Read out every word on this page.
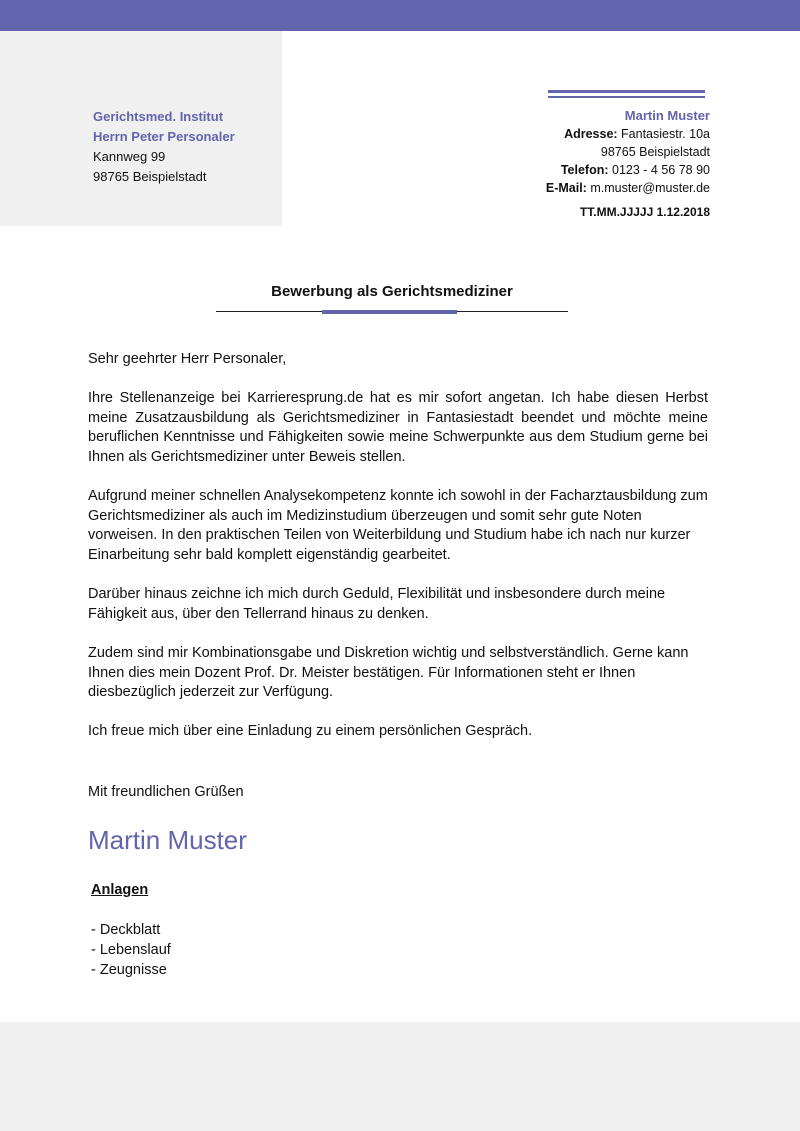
Gerichtsmed. Institut
Herrn Peter Personaler
Kannweg 99
98765 Beispielstadt
Martin Muster
Adresse: Fantasiestr. 10a
98765 Beispielstadt
Telefon: 0123 - 4 56 78 90
E-Mail: m.muster@muster.de
TT.MM.JJJJJ 1.12.2018
Bewerbung als Gerichtsmediziner

Sehr geehrter Herr Personaler,

Ihre Stellenanzeige bei Karrieresprung.de hat es mir sofort angetan. Ich habe diesen Herbst meine Zusatzausbildung als Gerichtsmediziner in Fantasiestadt beendet und möchte meine beruflichen Kenntnisse und Fähigkeiten sowie meine Schwerpunkte aus dem Studium gerne bei Ihnen als Gerichtsmediziner unter Beweis stellen.

Aufgrund meiner schnellen Analysekompetenz konnte ich sowohl in der Facharztausbildung zum Gerichtsmediziner als auch im Medizinstudium überzeugen und somit sehr gute Noten vorweisen. In den praktischen Teilen von Weiterbildung und Studium habe ich nach nur kurzer Einarbeitung sehr bald komplett eigenständig gearbeitet.

Darüber hinaus zeichne ich mich durch Geduld, Flexibilität und insbesondere durch meine Fähigkeit aus, über den Tellerrand hinaus zu denken.

Zudem sind mir Kombinationsgabe und Diskretion wichtig und selbstverständlich. Gerne kann Ihnen dies mein Dozent Prof. Dr. Meister bestätigen. Für Informationen steht er Ihnen diesbezüglich jederzeit zur Verfügung.

Ich freue mich über eine Einladung zu einem persönlichen Gespräch.

Mit freundlichen Grüßen
Martin Muster
Anlagen
- Deckblatt
- Lebenslauf
- Zeugnisse
